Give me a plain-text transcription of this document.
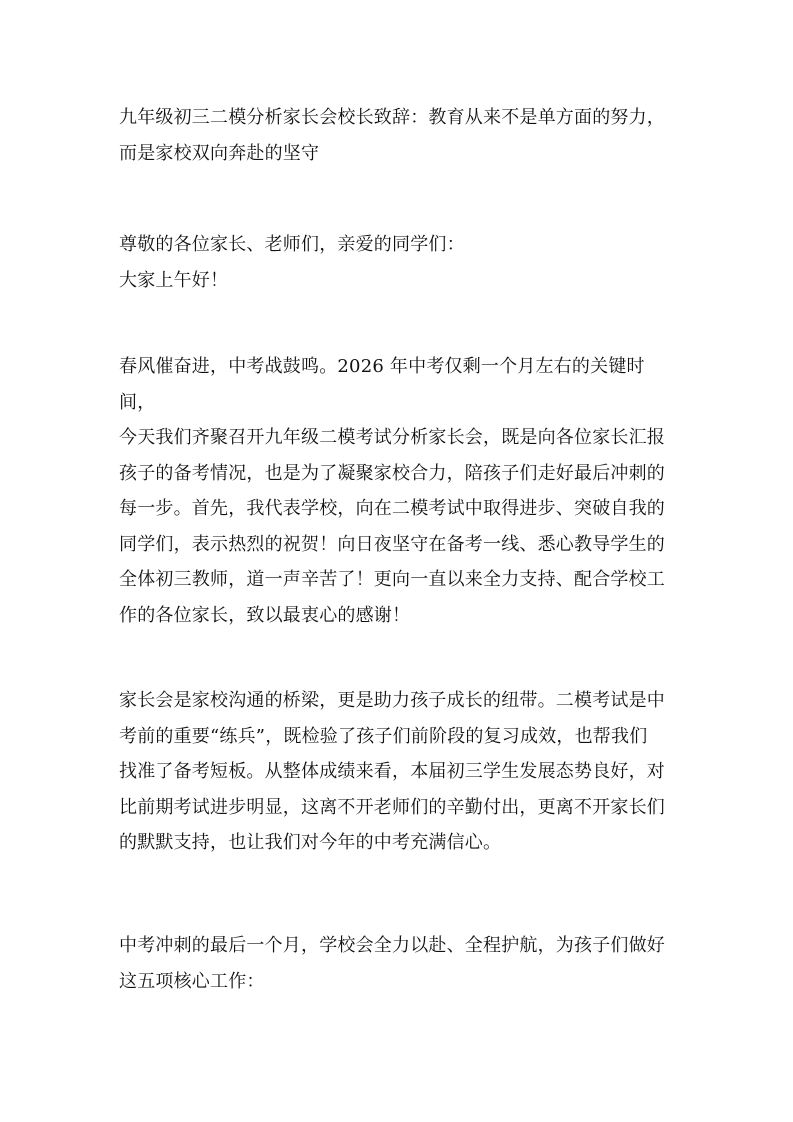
九年级初三二模分析家长会校长致辞：教育从来不是单方面的努力，

而是家校双向奔赴的坚守

尊敬的各位家长、老师们，亲爱的同学们：

大家上午好！

春风催奋进，中考战鼓鸣。2026 年中考仅剩一个月左右的关键时间，

今天我们齐聚召开九年级二模考试分析家长会，既是向各位家长汇报

孩子的备考情况，也是为了凝聚家校合力，陪孩子们走好最后冲刺的

每一步。首先，我代表学校，向在二模考试中取得进步、突破自我的

同学们，表示热烈的祝贺！向日夜坚守在备考一线、悉心教导学生的

全体初三教师，道一声辛苦了！更向一直以来全力支持、配合学校工

作的各位家长，致以最衷心的感谢！

家长会是家校沟通的桥梁，更是助力孩子成长的纽带。二模考试是中

考前的重要“练兵”，既检验了孩子们前阶段的复习成效，也帮我们

找准了备考短板。从整体成绩来看，本届初三学生发展态势良好，对

比前期考试进步明显，这离不开老师们的辛勤付出，更离不开家长们

的默默支持，也让我们对今年的中考充满信心。

中考冲刺的最后一个月，学校会全力以赴、全程护航，为孩子们做好

这五项核心工作：
